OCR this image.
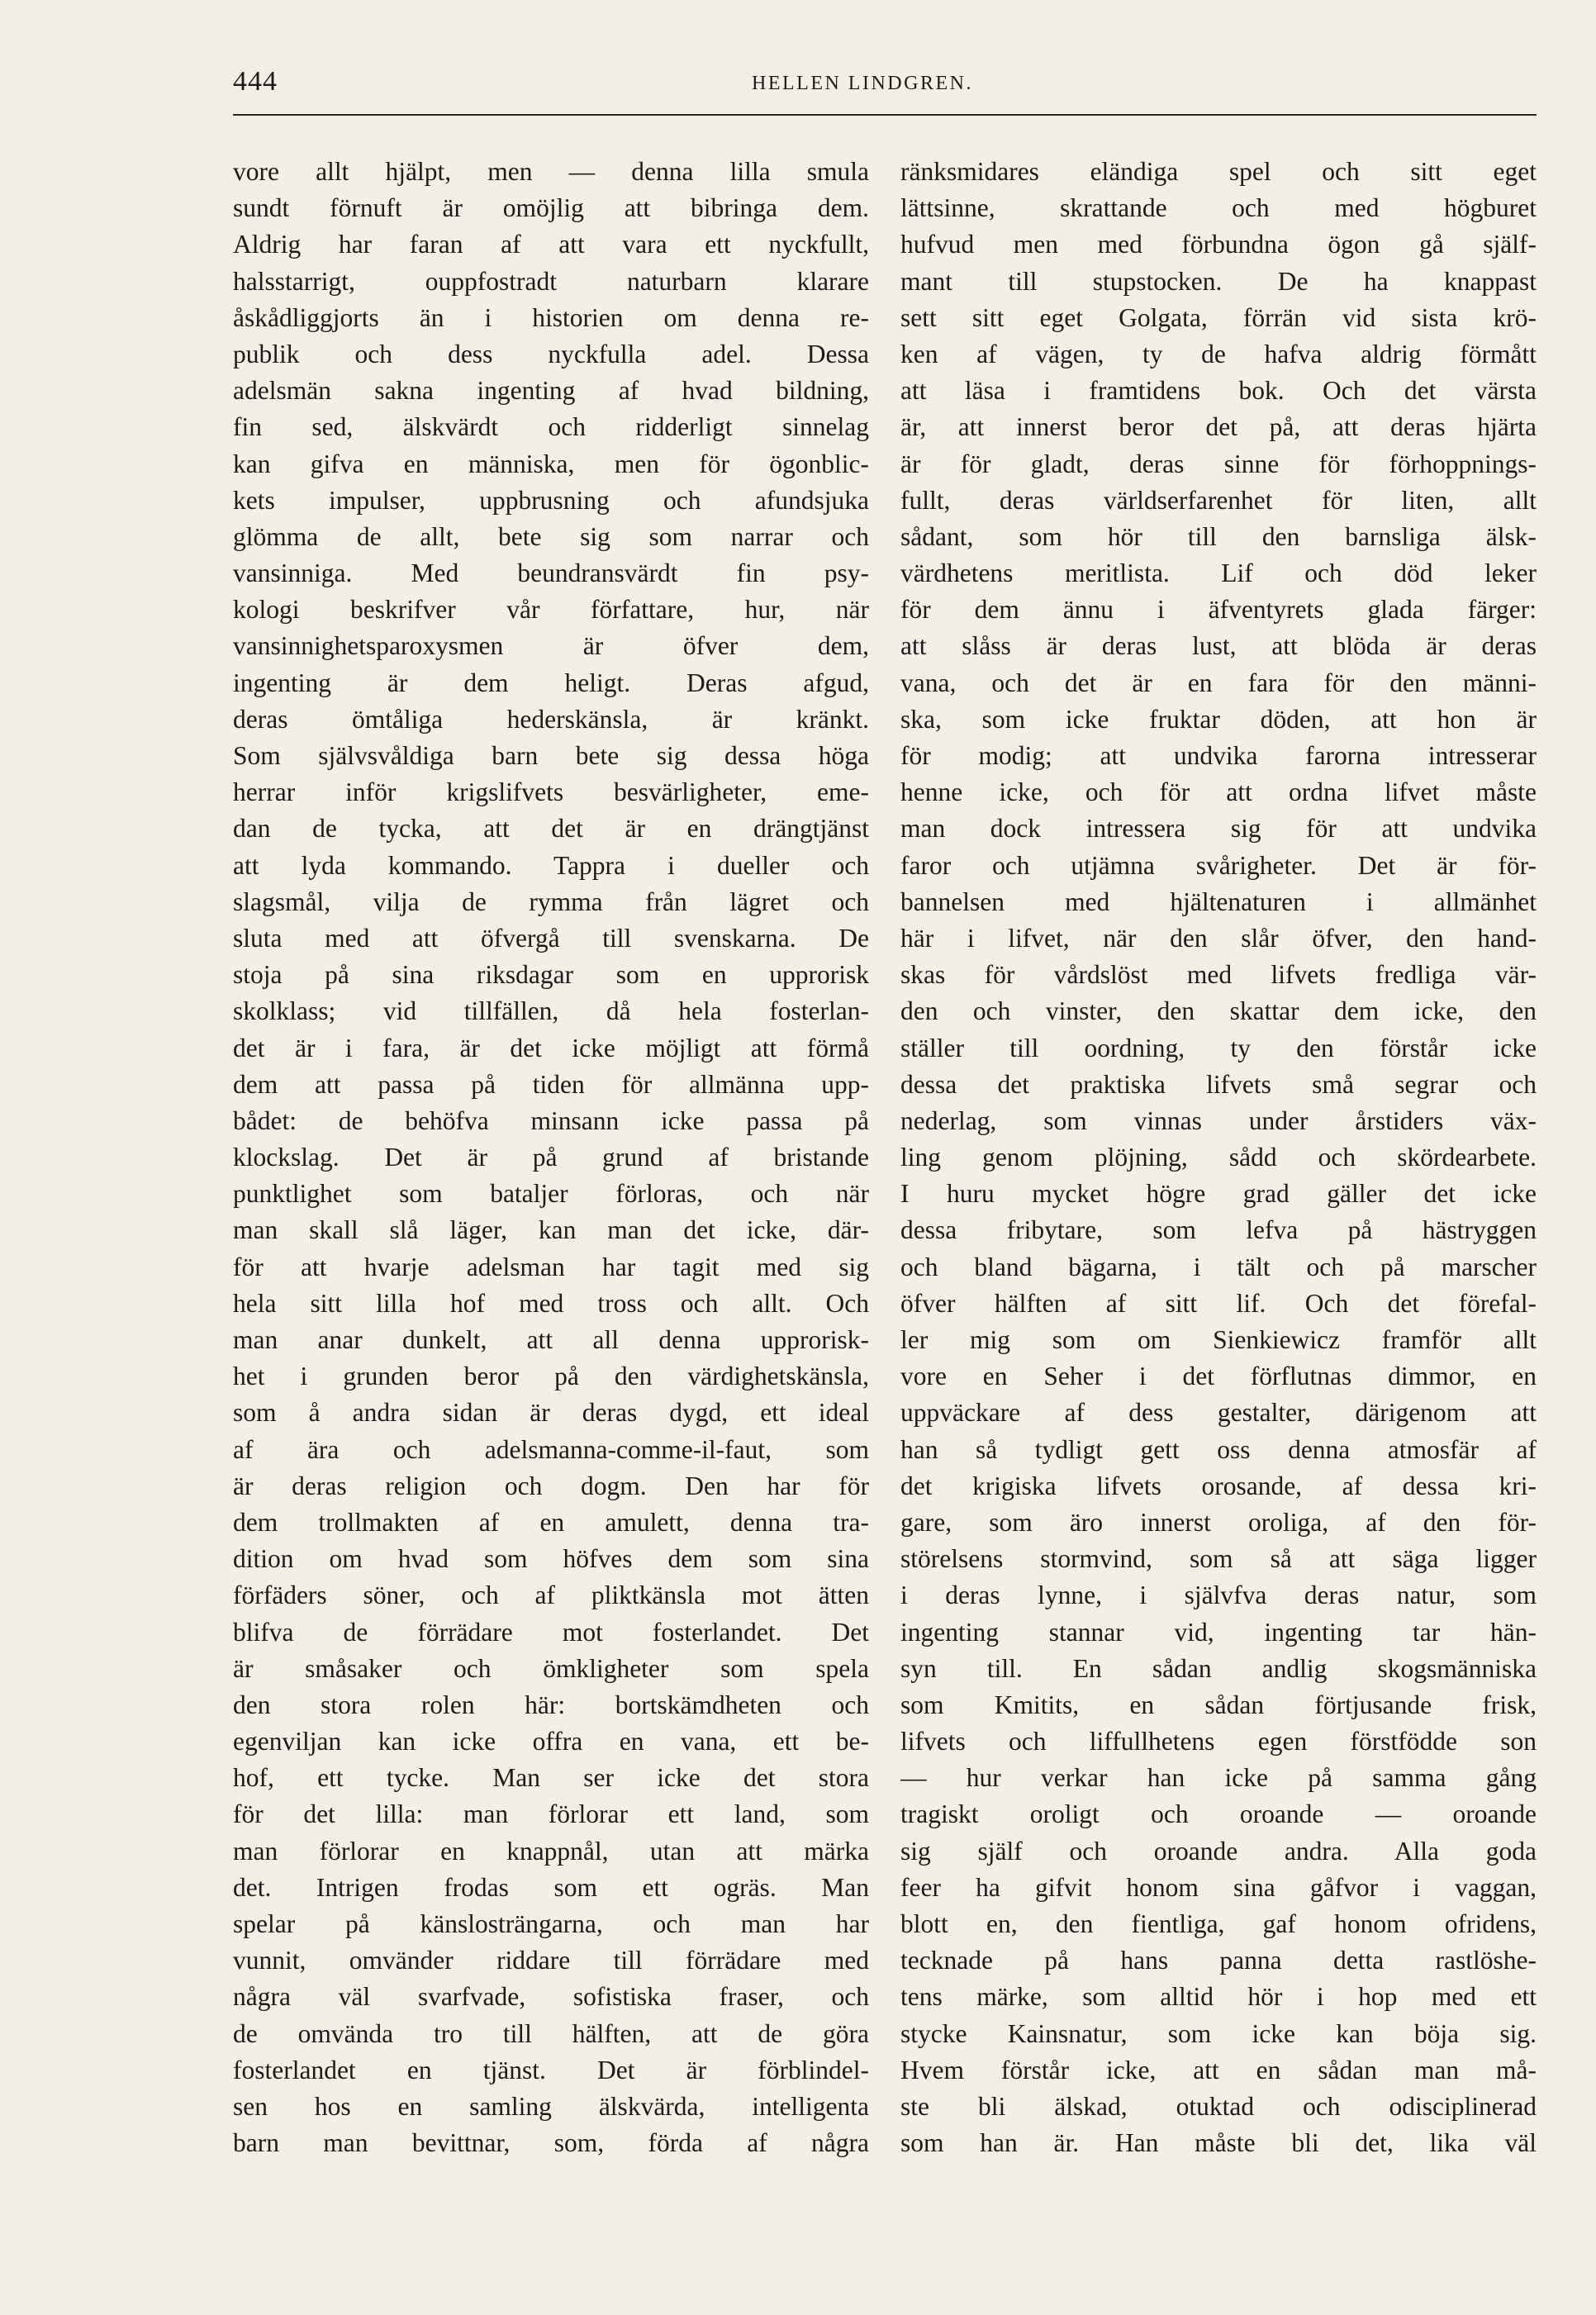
444	HELLEN LINDGREN.
vore allt hjälpt, men — denna lilla smula
sundt förnuft är omöjlig att bibringa dem.
Aldrig har faran af att vara ett nyckfullt,
halsstarrigt, ouppfostradt naturbarn klarare
åskådliggjorts än i historien om denna re-
publik och dess nyckfulla adel. Dessa
adelsmän sakna ingenting af hvad bildning,
fin sed, älskvärdt och ridderligt sinnelag
kan gifva en människa, men för ögonblic-
kets impulser, uppbrusning och afundsjuka
glömma de allt, bete sig som narrar och
vansinniga. Med beundransvärdt fin psy-
kologi beskrifver vår författare, hur, när
vansinnighetsparoxysmen är öfver dem,
ingenting är dem heligt. Deras afgud,
deras ömtåliga hederskänsla, är kränkt.
Som självsvåldiga barn bete sig dessa höga
herrar inför krigslifvets besvärligheter, eme-
dan de tycka, att det är en drängtjänst
att lyda kommando. Tappra i dueller och
slagsmål, vilja de rymma från lägret och
sluta med att öfvergå till svenskarna. De
stoja på sina riksdagar som en upprorisk
skolklass; vid tillfällen, då hela fosterlan-
det är i fara, är det icke möjligt att förmå
dem att passa på tiden för allmänna upp-
bådet: de behöfva minsann icke passa på
klockslag. Det är på grund af bristande
punktlighet som bataljer förloras, och när
man skall slå läger, kan man det icke, där-
för att hvarje adelsman har tagit med sig
hela sitt lilla hof med tross och allt. Och
man anar dunkelt, att all denna upprorisk-
het i grunden beror på den värdighetskänsla,
som å andra sidan är deras dygd, ett ideal
af ära och adelsmanna-comme-il-faut, som
är deras religion och dogm. Den har för
dem trollmakten af en amulett, denna tra-
dition om hvad som höfves dem som sina
förfäders söner, och af pliktkänsla mot ätten
blifva de förrädare mot fosterlandet. Det
är småsaker och ömkligheter som spela
den stora rolen här: bortskämdheten och
egenviljan kan icke offra en vana, ett be-
hof, ett tycke. Man ser icke det stora
för det lilla: man förlorar ett land, som
man förlorar en knappnål, utan att märka
det. Intrigen frodas som ett ogräs. Man
spelar på känslosträngarna, och man har
vunnit, omvänder riddare till förrädare med
några väl svarfvade, sofistiska fraser, och
de omvända tro till hälften, att de göra
fosterlandet en tjänst. Det är förblindel-
sen hos en samling älskvärda, intelligenta
barn man bevittnar, som, förda af några
ränksmidares eländiga spel och sitt eget
lättsinne, skrattande och med högburet
hufvud men med förbundna ögon gå själf-
mant till stupstocken. De ha knappast
sett sitt eget Golgata, förrän vid sista krö-
ken af vägen, ty de hafva aldrig förmått
att läsa i framtidens bok. Och det värsta
är, att innerst beror det på, att deras hjärta
är för gladt, deras sinne för förhoppnings-
fullt, deras världserfarenhet för liten, allt
sådant, som hör till den barnsliga älsk-
värdhetens meritlista. Lif och död leker
för dem ännu i äfventyrets glada färger:
att slåss är deras lust, att blöda är deras
vana, och det är en fara för den männi-
ska, som icke fruktar döden, att hon är
för modig; att undvika farorna intresserar
henne icke, och för att ordna lifvet måste
man dock intressera sig för att undvika
faror och utjämna svårigheter. Det är för-
bannelsen med hjältenaturen i allmänhet
här i lifvet, när den slår öfver, den hand-
skas för vårdslöst med lifvets fredliga vär-
den och vinster, den skattar dem icke, den
ställer till oordning, ty den förstår icke
dessa det praktiska lifvets små segrar och
nederlag, som vinnas under årstiders väx-
ling genom plöjning, sådd och skördearbete.
I huru mycket högre grad gäller det icke
dessa fribytare, som lefva på hästryggen
och bland bägarna, i tält och på marscher
öfver hälften af sitt lif. Och det förefal-
ler mig som om Sienkiewicz framför allt
vore en Seher i det förflutnas dimmor, en
uppväckare af dess gestalter, därigenom att
han så tydligt gett oss denna atmosfär af
det krigiska lifvets orosande, af dessa kri-
gare, som äro innerst oroliga, af den för-
störelsens stormvind, som så att säga ligger
i deras lynne, i självfva deras natur, som
ingenting stannar vid, ingenting tar hän-
syn till. En sådan andlig skogsmänniska
som Kmitits, en sådan förtjusande frisk,
lifvets och liffullhetens egen förstfödde son
— hur verkar han icke på samma gång
tragiskt oroligt och oroande — oroande
sig själf och oroande andra. Alla goda
feer ha gifvit honom sina gåfvor i vaggan,
blott en, den fientliga, gaf honom ofridens,
tecknade på hans panna detta rastlöshe-
tens märke, som alltid hör i hop med ett
stycke Kainsnatur, som icke kan böja sig.
Hvem förstår icke, att en sådan man må-
ste bli älskad, otuktad och odisciplinerad
som han är. Han måste bli det, lika väl
